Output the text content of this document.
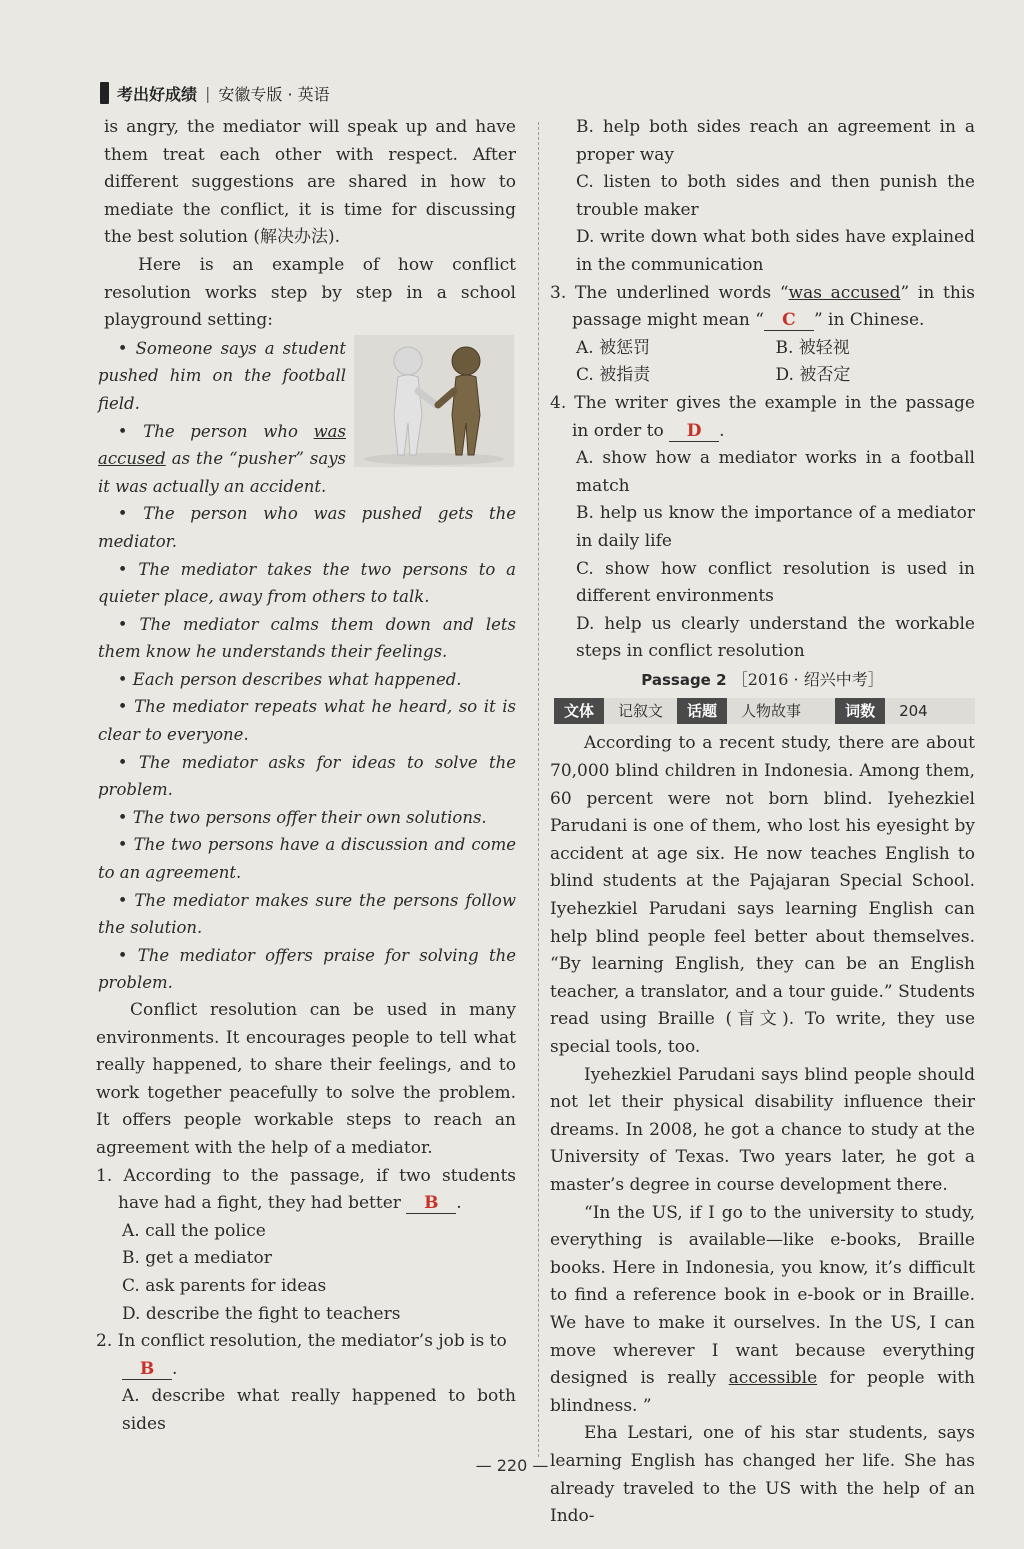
考出好成绩 | 安徽专版 · 英语

is angry, the mediator will speak up and have them treat each other with respect. After different suggestions are shared in how to mediate the conflict, it is time for discussing the best solution (解决办法).

Here is an example of how conflict resolution works step by step in a school playground setting:

• Someone says a student pushed him on the football field.

• The person who was accused as the “pusher” says it was actually an accident.

• The person who was pushed gets the mediator.

• The mediator takes the two persons to a quieter place, away from others to talk.

• The mediator calms them down and lets them know he understands their feelings.

• Each person describes what happened.

• The mediator repeats what he heard, so it is clear to everyone.

• The mediator asks for ideas to solve the problem.

• The two persons offer their own solutions.

• The two persons have a discussion and come to an agreement.

• The mediator makes sure the persons follow the solution.

• The mediator offers praise for solving the problem.

Conflict resolution can be used in many environments. It encourages people to tell what really happened, to share their feelings, and to work together peacefully to solve the problem. It offers people workable steps to reach an agreement with the help of a mediator.

1. According to the passage, if two students have had a fight, they had better B .

A. call the police

B. get a mediator

C. ask parents for ideas

D. describe the fight to teachers

2. In conflict resolution, the mediator’s job is to

B .

A. describe what really happened to both sides

B. help both sides reach an agreement in a proper way

C. listen to both sides and then punish the trouble maker

D. write down what both sides have explained in the communication

3. The underlined words “was accused” in this passage might mean “ C ” in Chinese.

A. 被惩罚	B. 被轻视
C. 被指责	D. 被否定

4. The writer gives the example in the passage in order to D .

A. show how a mediator works in a football match

B. help us know the importance of a mediator in daily life

C. show how conflict resolution is used in different environments

D. help us clearly understand the workable steps in conflict resolution

Passage 2 ［2016 · 绍兴中考］

文体	记叙文	话题	人物故事	词数	204

According to a recent study, there are about 70,000 blind children in Indonesia. Among them, 60 percent were not born blind. Iyehezkiel Parudani is one of them, who lost his eyesight by accident at age six. He now teaches English to blind students at the Pajajaran Special School. Iyehezkiel Parudani says learning English can help blind people feel better about themselves. “By learning English, they can be an English teacher, a translator, and a tour guide.” Students read using Braille (盲文). To write, they use special tools, too.

Iyehezkiel Parudani says blind people should not let their physical disability influence their dreams. In 2008, he got a chance to study at the University of Texas. Two years later, he got a master’s degree in course development there.

“In the US, if I go to the university to study, everything is available—like e-books, Braille books. Here in Indonesia, you know, it’s difficult to find a reference book in e-book or in Braille. We have to make it ourselves. In the US, I can move wherever I want because everything designed is really accessible for people with blindness. ”

Eha Lestari, one of his star students, says learning English has changed her life. She has already traveled to the US with the help of an Indo-

— 220 —
